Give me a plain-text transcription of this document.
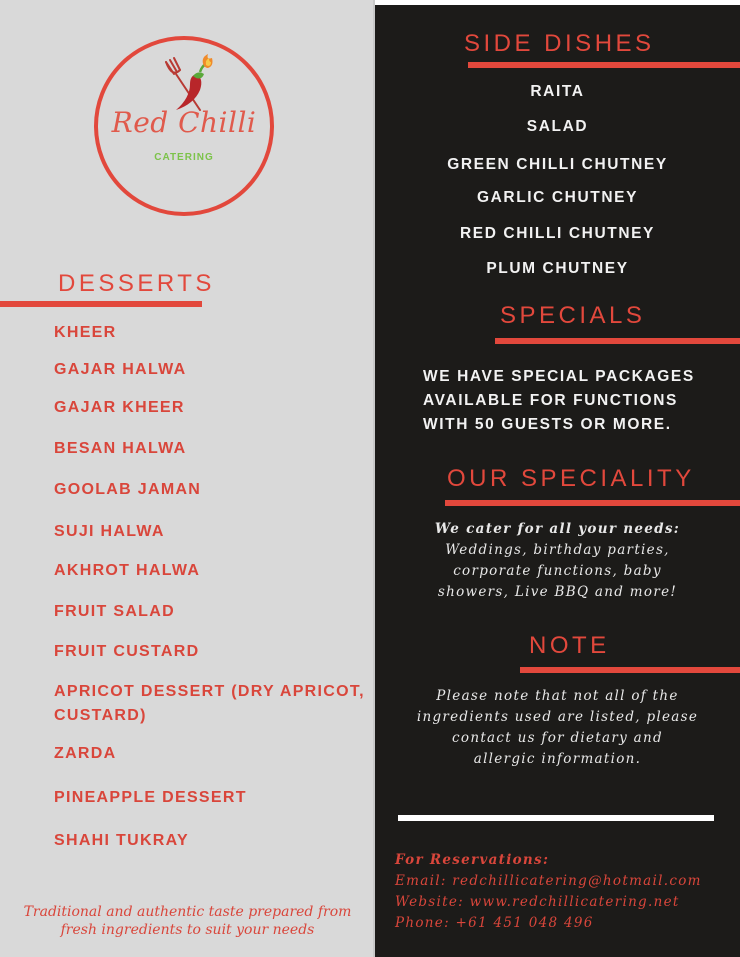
Red Chilli
CATERING
DESSERTS
KHEER
GAJAR HALWA
GAJAR KHEER
BESAN HALWA
GOOLAB JAMAN
SUJI HALWA
AKHROT HALWA
FRUIT SALAD
FRUIT CUSTARD
APRICOT DESSERT (DRY APRICOT,
CUSTARD)
ZARDA
PINEAPPLE DESSERT
SHAHI TUKRAY
Traditional and authentic taste prepared from
fresh ingredients to suit your needs
SIDE DISHES
RAITA
SALAD
GREEN CHILLI CHUTNEY
GARLIC CHUTNEY
RED CHILLI CHUTNEY
PLUM CHUTNEY
SPECIALS
WE HAVE SPECIAL PACKAGES
AVAILABLE FOR FUNCTIONS
WITH 50 GUESTS OR MORE.
OUR SPECIALITY
We cater for all your needs:
Weddings, birthday parties,
corporate functions, baby
showers, Live BBQ and more!
NOTE
Please note that not all of the
ingredients used are listed, please
contact us for dietary and
allergic information.
For Reservations:
Email: redchillicatering@hotmail.com
Website: www.redchillicatering.net
Phone: +61 451 048 496
